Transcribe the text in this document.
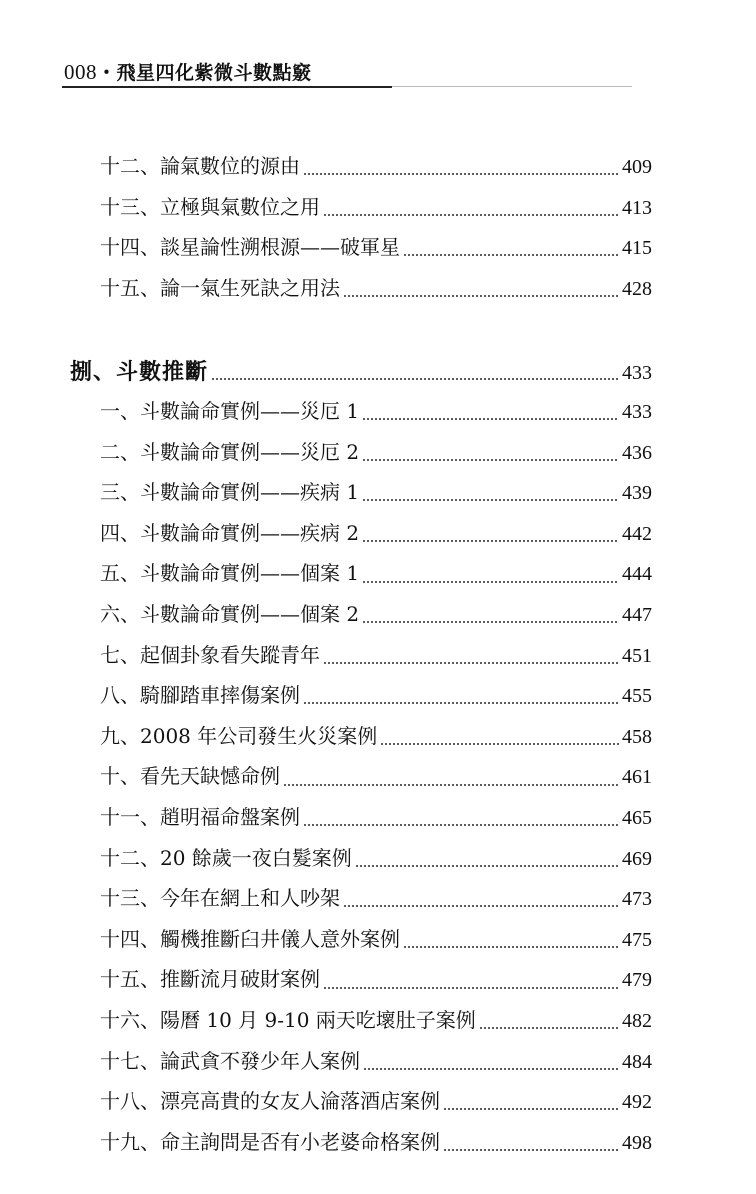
008・飛星四化紫微斗數點竅
十二、論氣數位的源由	409
十三、立極與氣數位之用	413
十四、談星論性溯根源——破軍星	415
十五、論一氣生死訣之用法	428
捌、斗數推斷	433
一、斗數論命實例——災厄 1	433
二、斗數論命實例——災厄 2	436
三、斗數論命實例——疾病 1	439
四、斗數論命實例——疾病 2	442
五、斗數論命實例——個案 1	444
六、斗數論命實例——個案 2	447
七、起個卦象看失蹤青年	451
八、騎腳踏車摔傷案例	455
九、2008 年公司發生火災案例	458
十、看先天缺憾命例	461
十一、趙明福命盤案例	465
十二、20 餘歲一夜白髮案例	469
十三、今年在網上和人吵架	473
十四、觸機推斷臼井儀人意外案例	475
十五、推斷流月破財案例	479
十六、陽曆 10 月 9-10 兩天吃壞肚子案例	482
十七、論武貪不發少年人案例	484
十八、漂亮高貴的女友人淪落酒店案例	492
十九、命主詢問是否有小老婆命格案例	498
